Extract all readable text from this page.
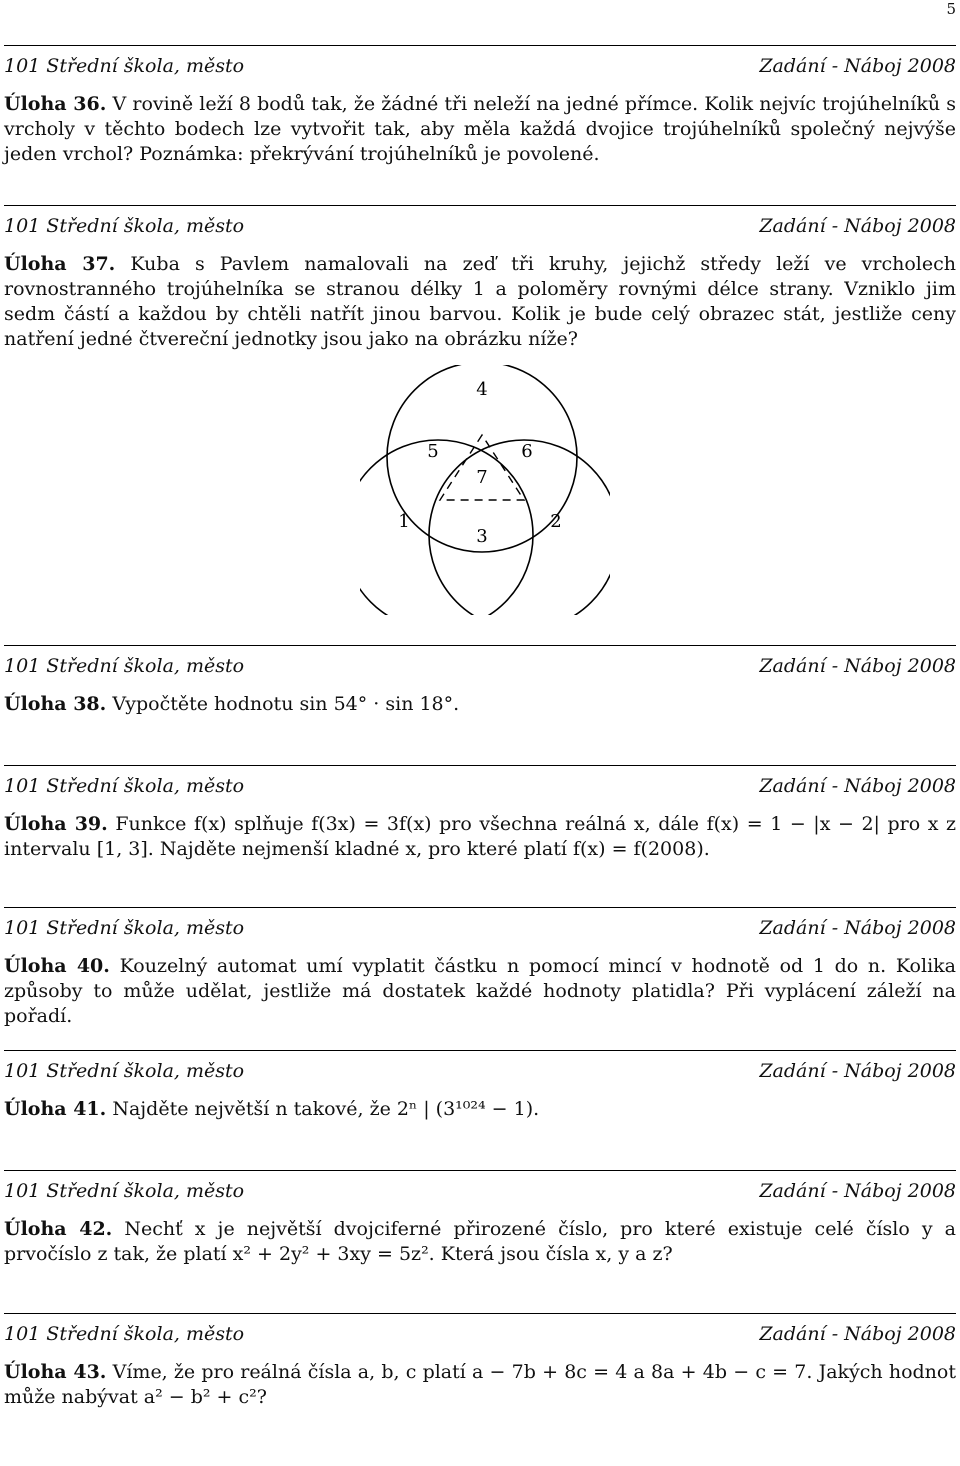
5
101 Střední škola, město	Zadání - Náboj 2008
Úloha 36. V rovině leží 8 bodů tak, že žádné tři neleží na jedné přímce. Kolik nejvíc trojúhelníků s vrcholy v těchto bodech lze vytvořit tak, aby měla každá dvojice trojúhelníků společný nejvýše jeden vrchol? Poznámka: překrývání trojúhelníků je povolené.
101 Střední škola, město	Zadání - Náboj 2008
Úloha 37. Kuba s Pavlem namalovali na zeď tři kruhy, jejichž středy leží ve vrcholech rovnostranného trojúhelníka se stranou délky 1 a poloměry rovnými délce strany. Vzniklo jim sedm částí a každou by chtěli natřít jinou barvou. Kolik je bude celý obrazec stát, jestliže ceny natření jedné čtvereční jednotky jsou jako na obrázku níže?
4
5	6
7
1
3
2
101 Střední škola, město	Zadání - Náboj 2008
Úloha 38. Vypočtěte hodnotu sin 54° · sin 18°.
101 Střední škola, město	Zadání - Náboj 2008
Úloha 39. Funkce f(x) splňuje f(3x) = 3f(x) pro všechna reálná x, dále f(x) = 1 − |x − 2| pro x z intervalu [1, 3]. Najděte nejmenší kladné x, pro které platí f(x) = f(2008).
101 Střední škola, město	Zadání - Náboj 2008
Úloha 40. Kouzelný automat umí vyplatit částku n pomocí mincí v hodnotě od 1 do n. Kolika způsoby to může udělat, jestliže má dostatek každé hodnoty platidla? Při vyplácení záleží na pořadí.
101 Střední škola, město	Zadání - Náboj 2008
Úloha 41. Najděte největší n takové, že 2ⁿ | (3¹⁰²⁴ − 1).
101 Střední škola, město	Zadání - Náboj 2008
Úloha 42. Nechť x je největší dvojciferné přirozené číslo, pro které existuje celé číslo y a prvočíslo z tak, že platí x² + 2y² + 3xy = 5z². Která jsou čísla x, y a z?
101 Střední škola, město	Zadání - Náboj 2008
Úloha 43. Víme, že pro reálná čísla a, b, c platí a − 7b + 8c = 4 a 8a + 4b − c = 7. Jakých hodnot může nabývat a² − b² + c²?
